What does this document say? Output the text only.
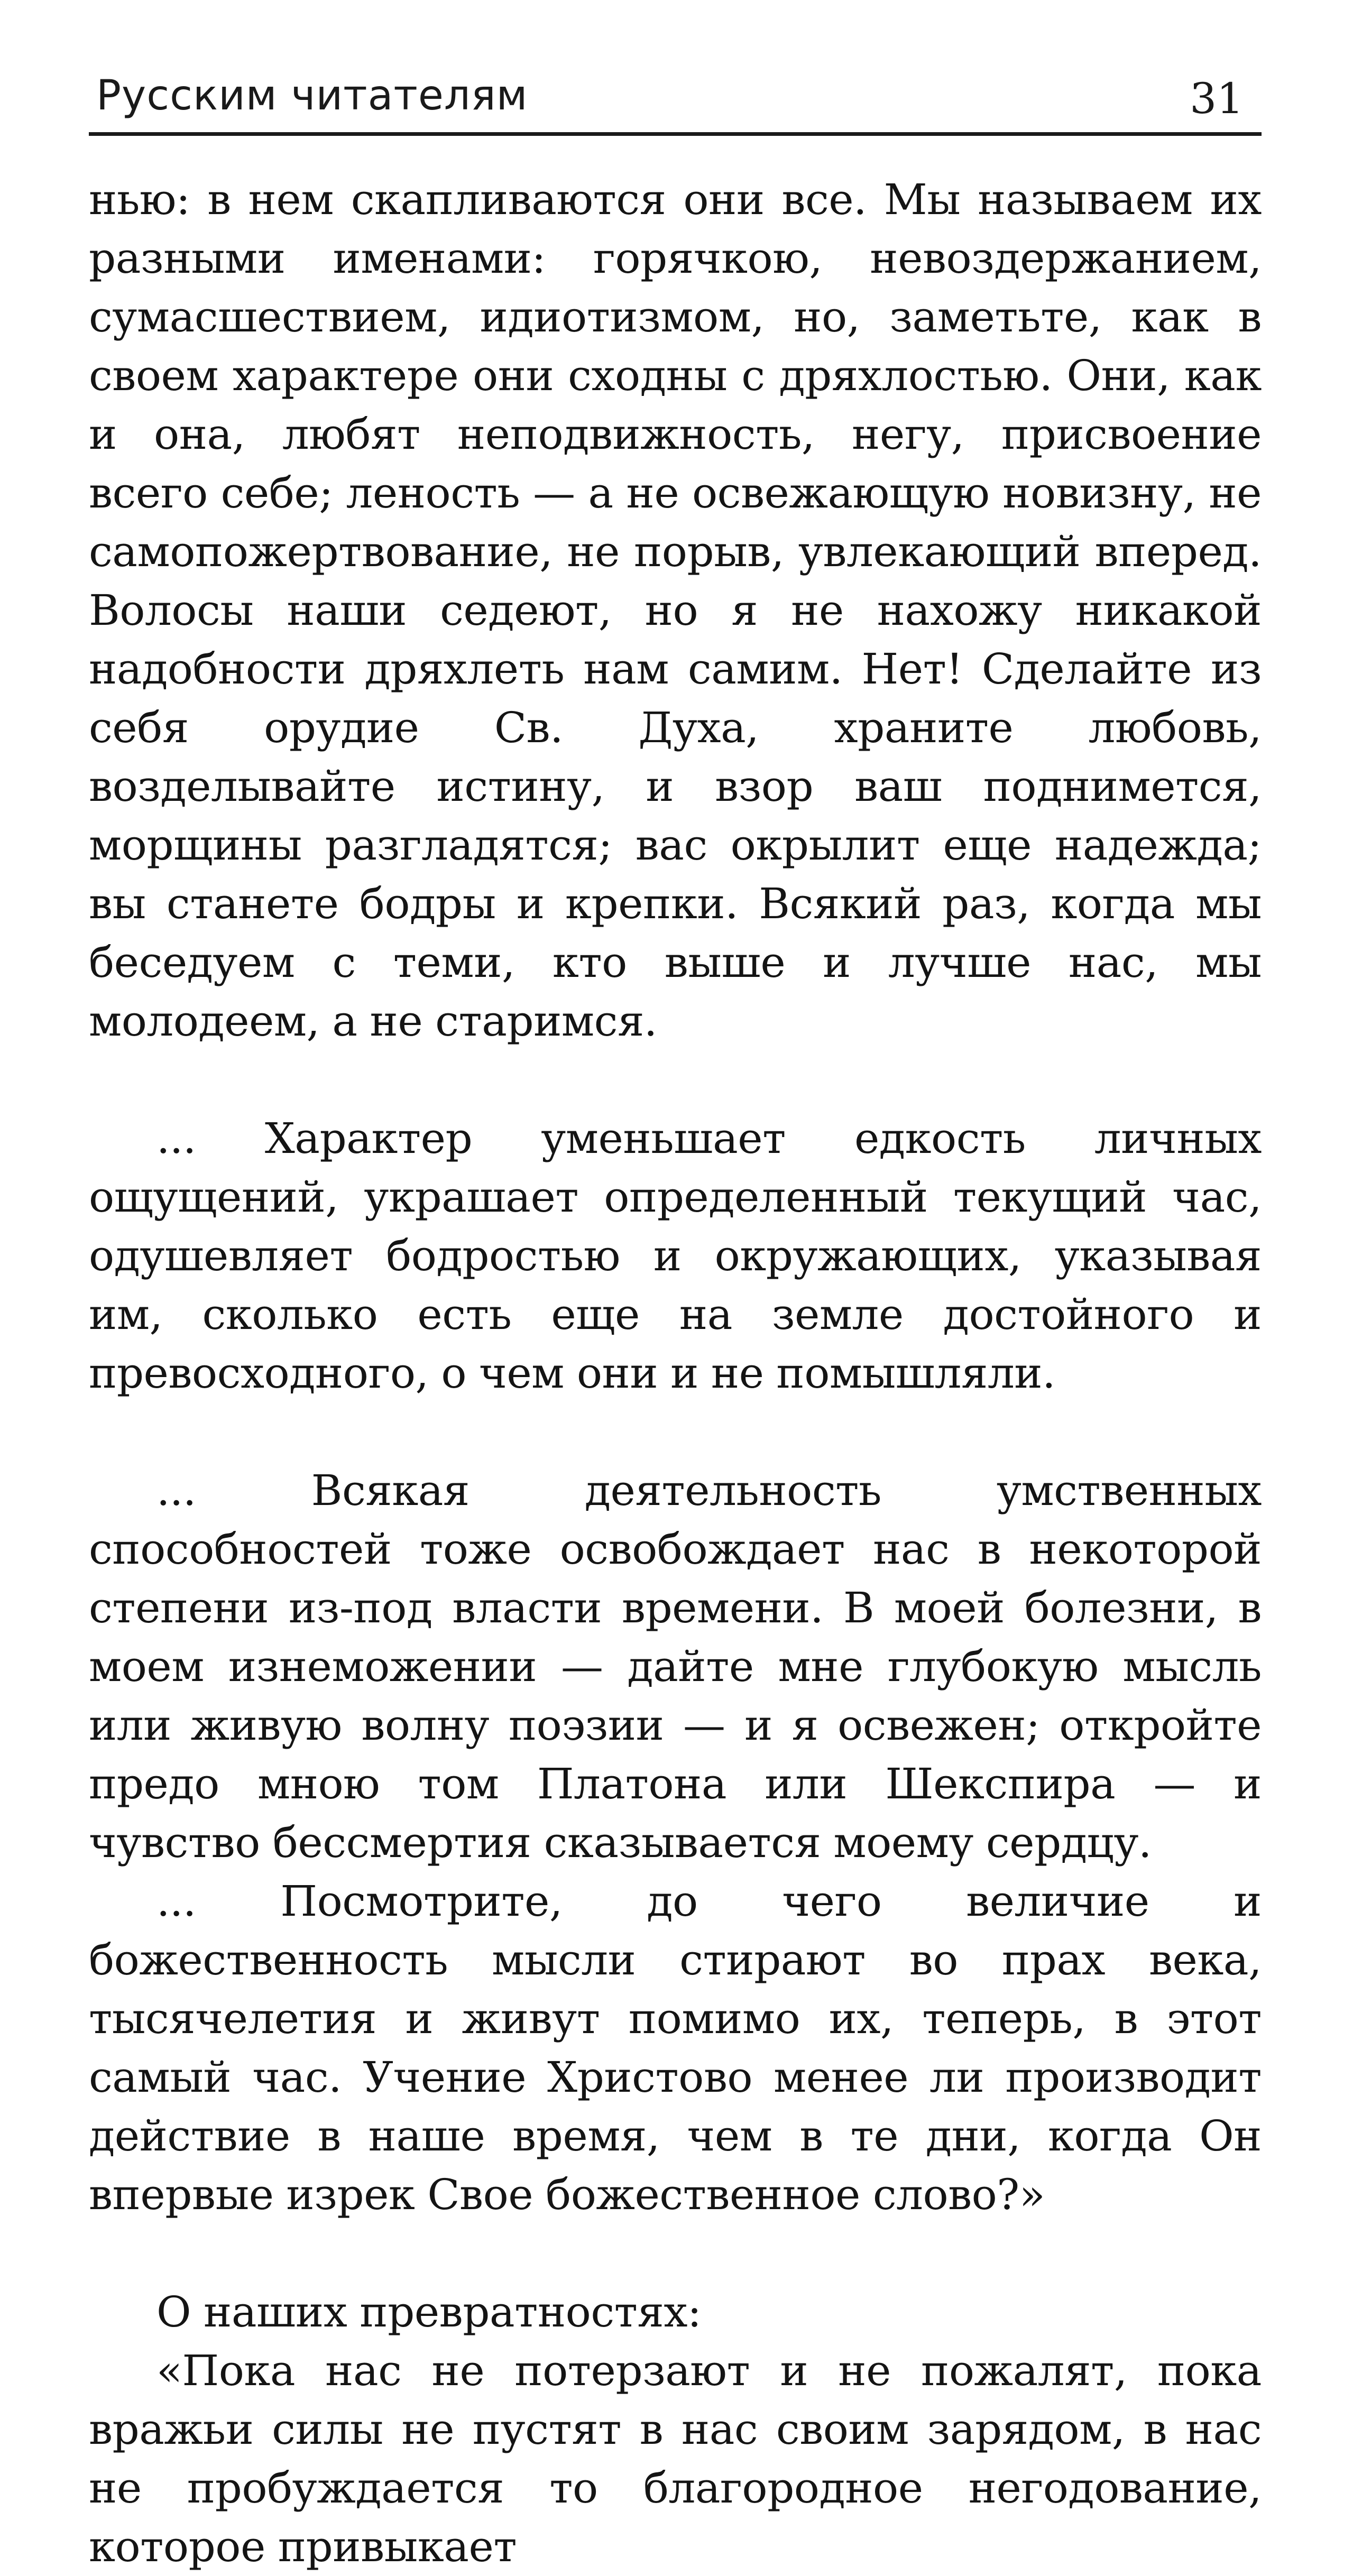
Русским читателям	31

нью: в нем скапливаются они все. Мы называем их разными именами: горячкою, невоздержанием, сумасшествием, идиотизмом, но, заметьте, как в своем характере они сходны с дряхлостью. Они, как и она, любят неподвижность, негу, присвоение всего себе; леность — а не освежающую новизну, не самопожертвование, не порыв, увлекающий вперед. Волосы наши седеют, но я не нахожу никакой надобности дряхлеть нам самим. Нет! Сделайте из себя орудие Св. Духа, храните любовь, возделывайте истину, и взор ваш поднимется, морщины разгладятся; вас окрылит еще надежда; вы станете бодры и крепки. Всякий раз, когда мы беседуем с теми, кто выше и лучше нас, мы молодеем, а не старимся.

... Характер уменьшает едкость личных ощущений, украшает определенный текущий час, одушевляет бодростью и окружающих, указывая им, сколько есть еще на земле достойного и превосходного, о чем они и не помышляли.

... Всякая деятельность умственных способностей тоже освобождает нас в некоторой степени из-под власти времени. В моей болезни, в моем изнеможении — дайте мне глубокую мысль или живую волну поэзии — и я освежен; откройте предо мною том Платона или Шекспира — и чувство бессмертия сказывается моему сердцу.

... Посмотрите, до чего величие и божественность мысли стирают во прах века, тысячелетия и живут помимо их, теперь, в этот самый час. Учение Христово менее ли производит действие в наше время, чем в те дни, когда Он впервые изрек Свое божественное слово?»

О наших превратностях:

«Пока нас не потерзают и не пожалят, пока вражьи силы не пустят в нас своим зарядом, в нас не пробуждается то благородное негодование, которое привыкает
